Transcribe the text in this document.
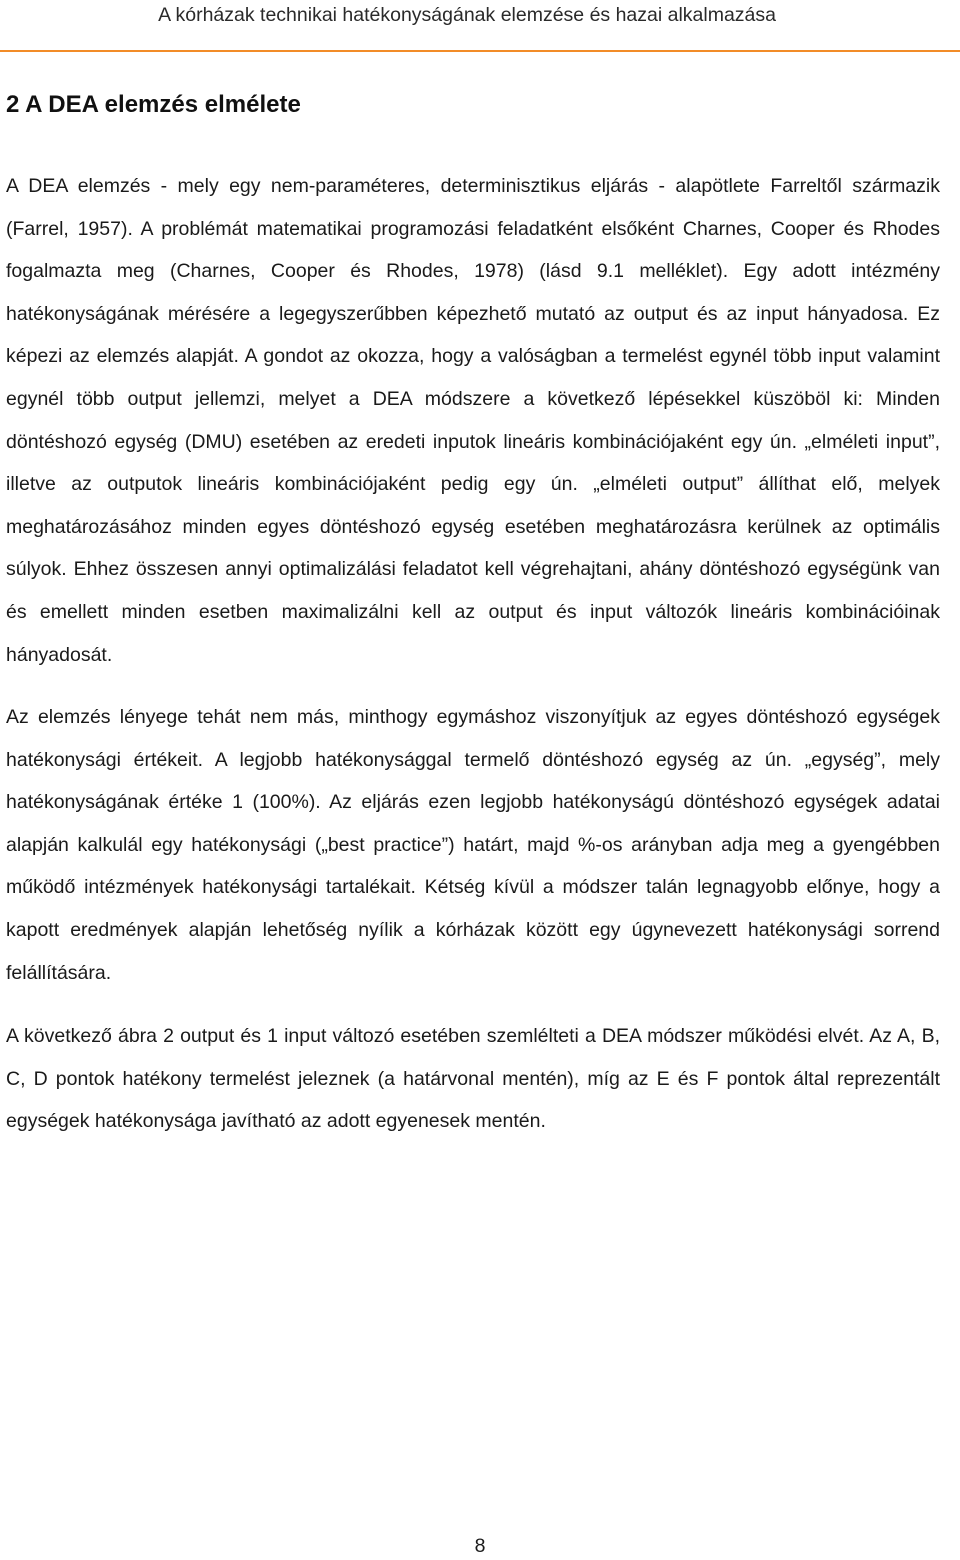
A kórházak technikai hatékonyságának elemzése és hazai alkalmazása
2 A DEA elemzés elmélete

A DEA elemzés - mely egy nem-paraméteres, determinisztikus eljárás - alapötlete Farreltől származik (Farrel, 1957). A problémát matematikai programozási feladatként elsőként Charnes, Cooper és Rhodes fogalmazta meg (Charnes, Cooper és Rhodes, 1978) (lásd 9.1 melléklet). Egy adott intézmény hatékonyságának mérésére a legegyszerűbben képezhető mutató az output és az input hányadosa. Ez képezi az elemzés alapját. A gondot az okozza, hogy a valóságban a termelést egynél több input valamint egynél több output jellemzi, melyet a DEA módszere a következő lépésekkel küszöböl ki: Minden döntéshozó egység (DMU) esetében az eredeti inputok lineáris kombinációjaként egy ún. „elméleti input”, illetve az outputok lineáris kombinációjaként pedig egy ún. „elméleti output” állíthat elő, melyek meghatározásához minden egyes döntéshozó egység esetében meghatározásra kerülnek az optimális súlyok. Ehhez összesen annyi optimalizálási feladatot kell végrehajtani, ahány döntéshozó egységünk van és emellett minden esetben maximalizálni kell az output és input változók lineáris kombinációinak hányadosát.

Az elemzés lényege tehát nem más, minthogy egymáshoz viszonyítjuk az egyes döntéshozó egységek hatékonysági értékeit. A legjobb hatékonysággal termelő döntéshozó egység az ún. „egység”, mely hatékonyságának értéke 1 (100%). Az eljárás ezen legjobb hatékonyságú döntéshozó egységek adatai alapján kalkulál egy hatékonysági („best practice”) határt, majd %-os arányban adja meg a gyengébben működő intézmények hatékonysági tartalékait. Kétség kívül a módszer talán legnagyobb előnye, hogy a kapott eredmények alapján lehetőség nyílik a kórházak között egy úgynevezett hatékonysági sorrend felállítására.

A következő ábra 2 output és 1 input változó esetében szemlélteti a DEA módszer működési elvét. Az A, B, C, D pontok hatékony termelést jeleznek (a határvonal mentén), míg az E és F pontok által reprezentált egységek hatékonysága javítható az adott egyenesek mentén.

8
